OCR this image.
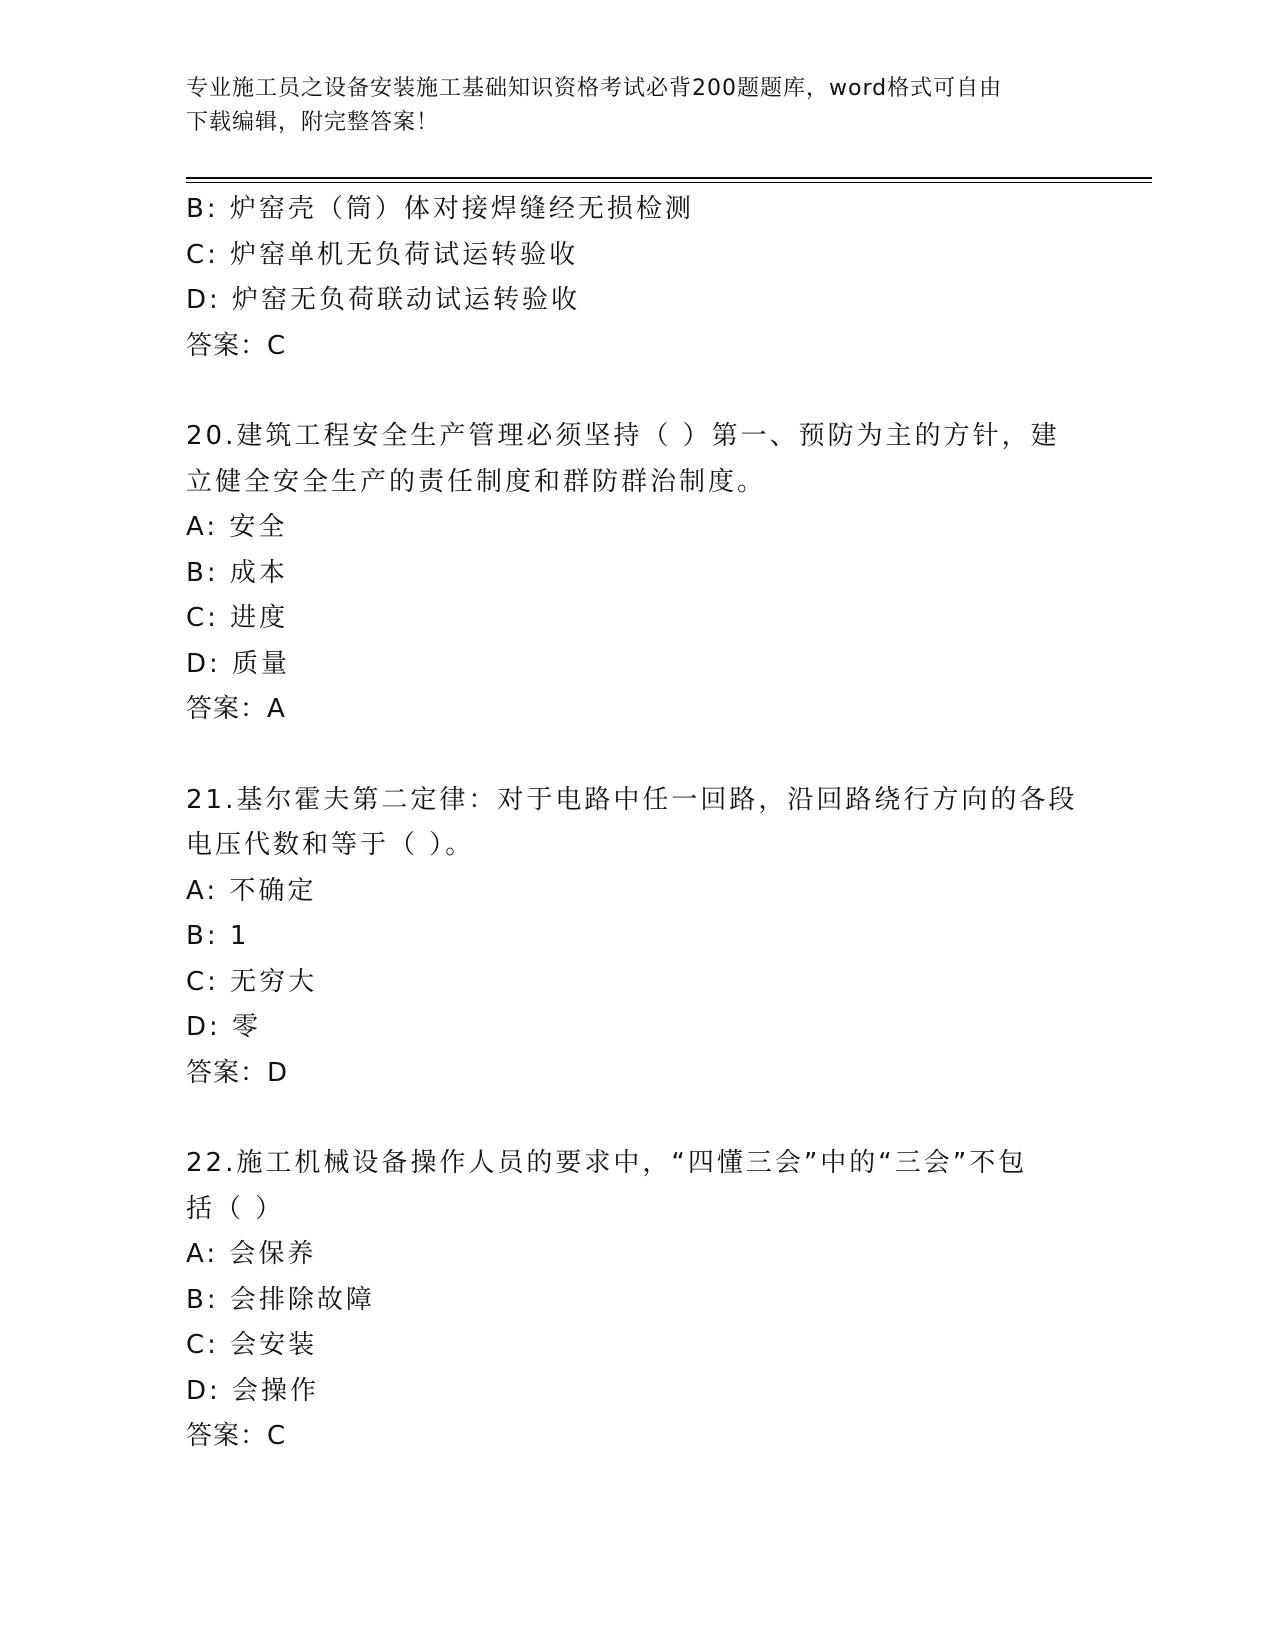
专业施工员之设备安装施工基础知识资格考试必背200题题库，word格式可自由
下载编辑，附完整答案！
B: 炉窑壳（筒）体对接焊缝经无损检测
C: 炉窑单机无负荷试运转验收
D: 炉窑无负荷联动试运转验收
答案：C
20.建筑工程安全生产管理必须坚持（ ）第一、预防为主的方针，建
立健全安全生产的责任制度和群防群治制度。
A: 安全
B: 成本
C: 进度
D: 质量
答案：A
21.基尔霍夫第二定律：对于电路中任一回路，沿回路绕行方向的各段
电压代数和等于（ ）。
A: 不确定
B: 1
C: 无穷大
D: 零
答案：D
22.施工机械设备操作人员的要求中，“四懂三会”中的“三会”不包
括（ ）
A: 会保养
B: 会排除故障
C: 会安装
D: 会操作
答案：C
